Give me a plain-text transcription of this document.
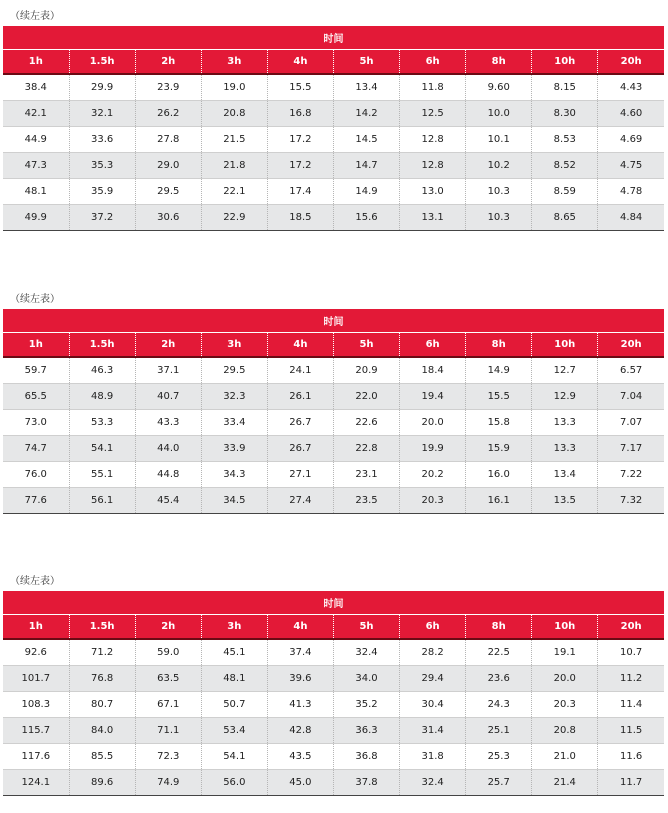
（续左表）
时间									
1h	1.5h	2h	3h	4h	5h	6h	8h	10h	20h
38.4	29.9	23.9	19.0	15.5	13.4	11.8	9.60	8.15	4.43
42.1	32.1	26.2	20.8	16.8	14.2	12.5	10.0	8.30	4.60
44.9	33.6	27.8	21.5	17.2	14.5	12.8	10.1	8.53	4.69
47.3	35.3	29.0	21.8	17.2	14.7	12.8	10.2	8.52	4.75
48.1	35.9	29.5	22.1	17.4	14.9	13.0	10.3	8.59	4.78
49.9	37.2	30.6	22.9	18.5	15.6	13.1	10.3	8.65	4.84
（续左表）
时间									
1h	1.5h	2h	3h	4h	5h	6h	8h	10h	20h
59.7	46.3	37.1	29.5	24.1	20.9	18.4	14.9	12.7	6.57
65.5	48.9	40.7	32.3	26.1	22.0	19.4	15.5	12.9	7.04
73.0	53.3	43.3	33.4	26.7	22.6	20.0	15.8	13.3	7.07
74.7	54.1	44.0	33.9	26.7	22.8	19.9	15.9	13.3	7.17
76.0	55.1	44.8	34.3	27.1	23.1	20.2	16.0	13.4	7.22
77.6	56.1	45.4	34.5	27.4	23.5	20.3	16.1	13.5	7.32
（续左表）
时间									
1h	1.5h	2h	3h	4h	5h	6h	8h	10h	20h
92.6	71.2	59.0	45.1	37.4	32.4	28.2	22.5	19.1	10.7
101.7	76.8	63.5	48.1	39.6	34.0	29.4	23.6	20.0	11.2
108.3	80.7	67.1	50.7	41.3	35.2	30.4	24.3	20.3	11.4
115.7	84.0	71.1	53.4	42.8	36.3	31.4	25.1	20.8	11.5
117.6	85.5	72.3	54.1	43.5	36.8	31.8	25.3	21.0	11.6
124.1	89.6	74.9	56.0	45.0	37.8	32.4	25.7	21.4	11.7
